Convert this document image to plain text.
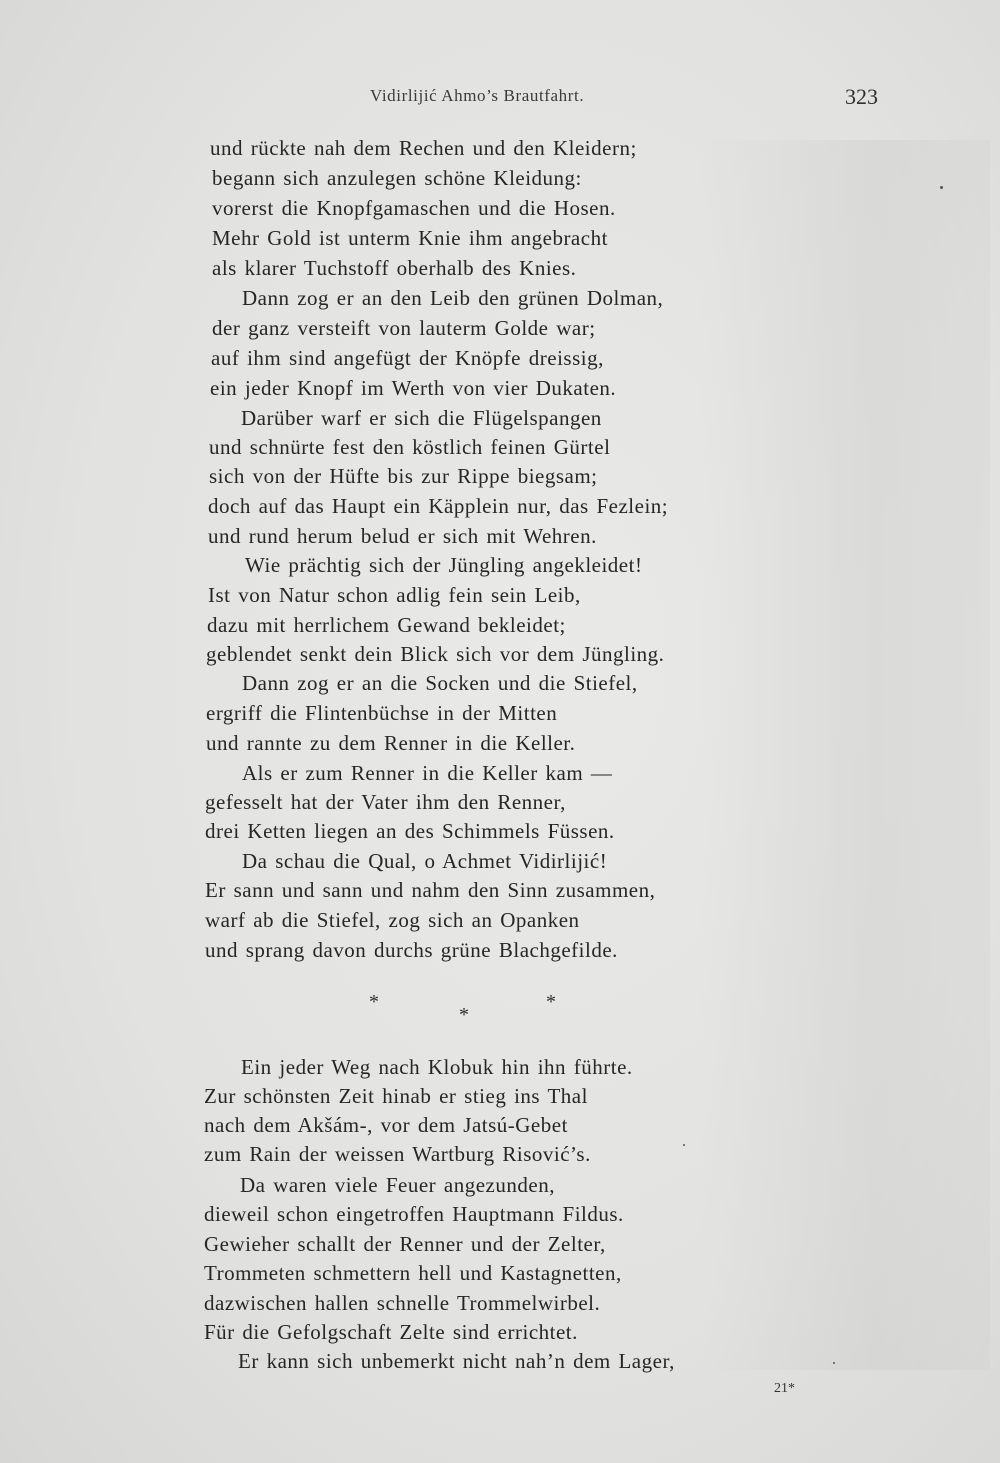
Vidirlijić Ahmo’s Brautfahrt.	323
und rückte nah dem Rechen und den Kleidern;
begann sich anzulegen schöne Kleidung:
vorerst die Knopfgamaschen und die Hosen.
Mehr Gold ist unterm Knie ihm angebracht
als klarer Tuchstoff oberhalb des Knies.
Dann zog er an den Leib den grünen Dolman,
der ganz versteift von lauterm Golde war;
auf ihm sind angefügt der Knöpfe dreissig,
ein jeder Knopf im Werth von vier Dukaten.
Darüber warf er sich die Flügelspangen
und schnürte fest den köstlich feinen Gürtel
sich von der Hüfte bis zur Rippe biegsam;
doch auf das Haupt ein Käpplein nur, das Fezlein;
und rund herum belud er sich mit Wehren.
Wie prächtig sich der Jüngling angekleidet!
Ist von Natur schon adlig fein sein Leib,
dazu mit herrlichem Gewand bekleidet;
geblendet senkt dein Blick sich vor dem Jüngling.
Dann zog er an die Socken und die Stiefel,
ergriff die Flintenbüchse in der Mitten
und rannte zu dem Renner in die Keller.
Als er zum Renner in die Keller kam —
gefesselt hat der Vater ihm den Renner,
drei Ketten liegen an des Schimmels Füssen.
Da schau die Qual, o Achmet Vidirlijić!
Er sann und sann und nahm den Sinn zusammen,
warf ab die Stiefel, zog sich an Opanken
und sprang davon durchs grüne Blachgefilde.
*
*
*
Ein jeder Weg nach Klobuk hin ihn führte.
Zur schönsten Zeit hinab er stieg ins Thal
nach dem Akšám-, vor dem Jatsú-Gebet
zum Rain der weissen Wartburg Risović’s.
Da waren viele Feuer angezunden,
dieweil schon eingetroffen Hauptmann Fildus.
Gewieher schallt der Renner und der Zelter,
Trommeten schmettern hell und Kastagnetten,
dazwischen hallen schnelle Trommelwirbel.
Für die Gefolgschaft Zelte sind errichtet.
Er kann sich unbemerkt nicht nah’n dem Lager,
21*
